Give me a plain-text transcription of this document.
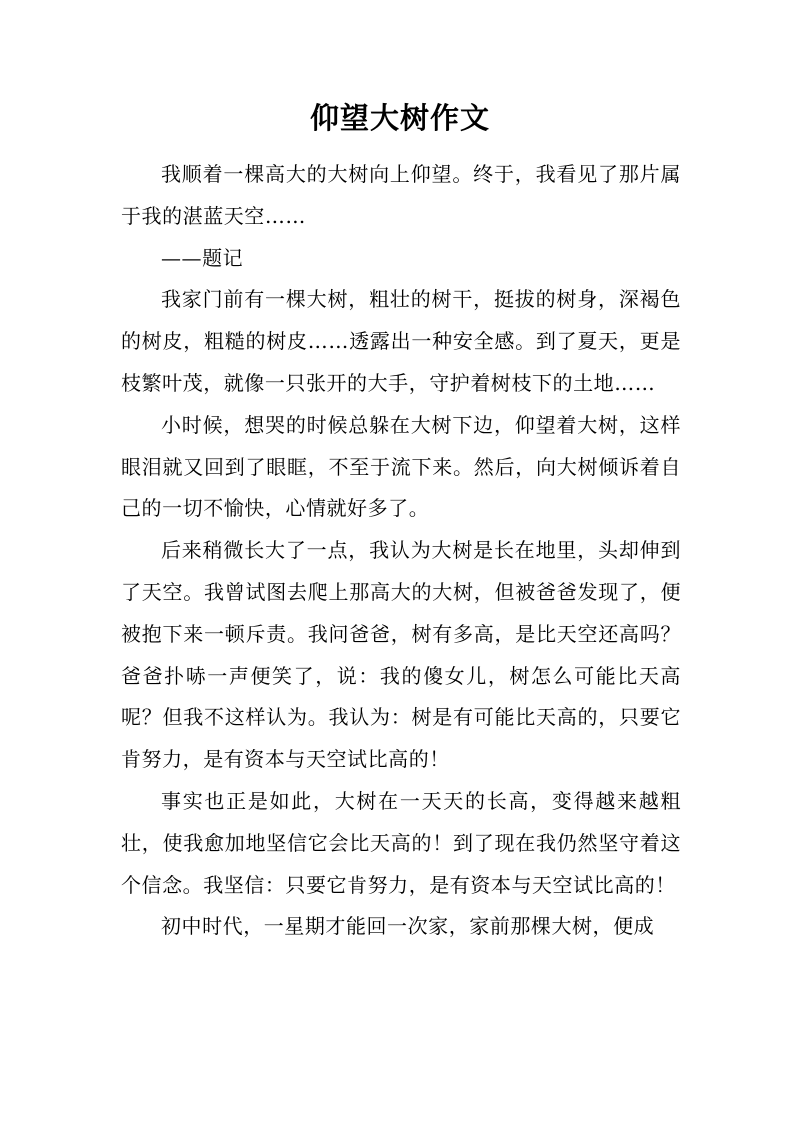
仰望大树作文

我顺着一棵高大的大树向上仰望。终于，我看见了那片属于我的湛蓝天空……

——题记

我家门前有一棵大树，粗壮的树干，挺拔的树身，深褐色的树皮，粗糙的树皮……透露出一种安全感。到了夏天，更是枝繁叶茂，就像一只张开的大手，守护着树枝下的土地……

小时候，想哭的时候总躲在大树下边，仰望着大树，这样眼泪就又回到了眼眶，不至于流下来。然后，向大树倾诉着自己的一切不愉快，心情就好多了。

后来稍微长大了一点，我认为大树是长在地里，头却伸到了天空。我曾试图去爬上那高大的大树，但被爸爸发现了，便被抱下来一顿斥责。我问爸爸，树有多高，是比天空还高吗？爸爸扑哧一声便笑了，说：我的傻女儿，树怎么可能比天高呢？但我不这样认为。我认为：树是有可能比天高的，只要它肯努力，是有资本与天空试比高的！

事实也正是如此，大树在一天天的长高，变得越来越粗壮，使我愈加地坚信它会比天高的！到了现在我仍然坚守着这个信念。我坚信：只要它肯努力，是有资本与天空试比高的！

初中时代，一星期才能回一次家，家前那棵大树，便成
